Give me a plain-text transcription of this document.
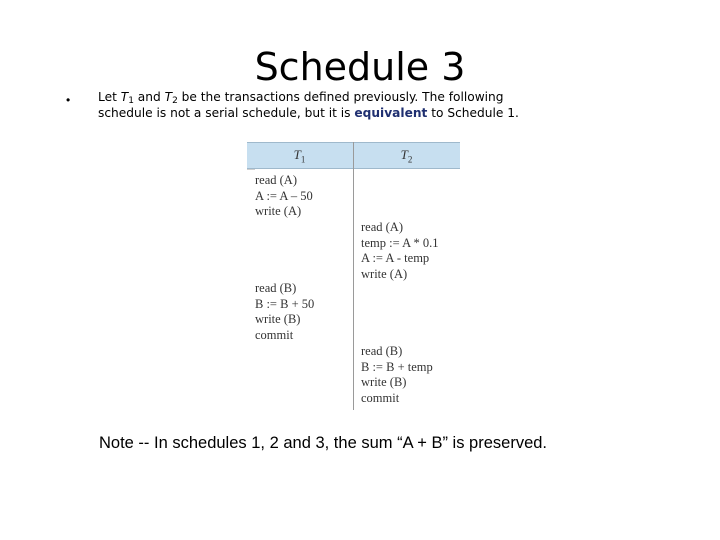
Schedule 3
• Let $T_1$ and $T_2$ be the transactions defined previously. The following
schedule is not a serial schedule, but it is equivalent to Schedule 1.
$T_1$	$T_2$
read (A)
A := A – 50
write (A)
read (A)
temp := A * 0.1
A := A - temp
write (A)
read (B)
B := B + 50
write (B)
commit
read (B)
B := B + temp
write (B)
commit
Note -- In schedules 1, 2 and 3, the sum “A + B” is preserved.
